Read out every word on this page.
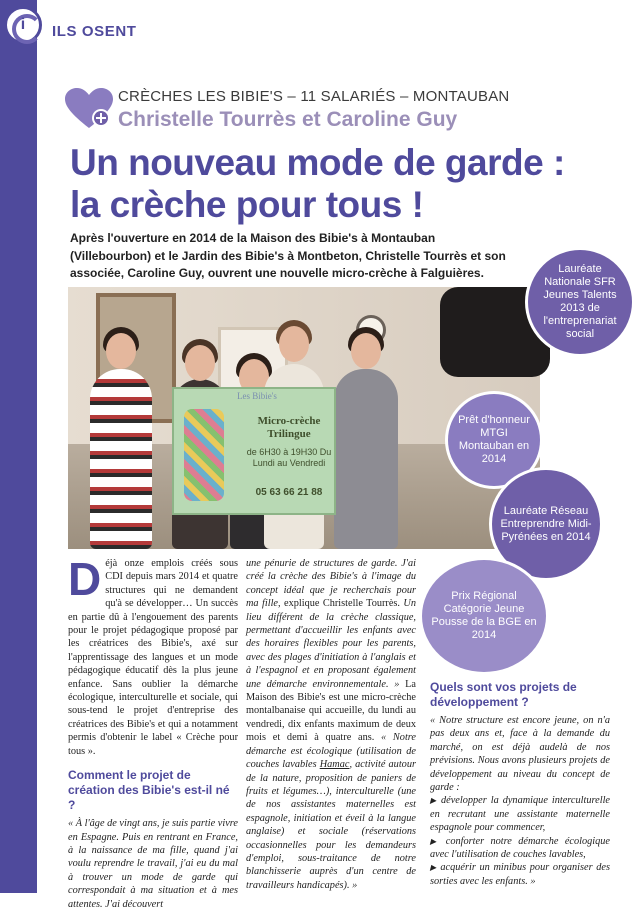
i	ILS OSENT
CRÈCHES LES BIBIE'S – 11 SALARIÉS – MONTAUBAN
Christelle Tourrès et Caroline Guy
Un nouveau mode de garde :
la crèche pour tous !
Après l'ouverture en 2014 de la Maison des Bibie's à Montauban (Villebourbon) et le Jardin des Bibie's à Montbeton, Christelle Tourrès et son associée, Caroline Guy, ouvrent une nouvelle micro-crèche à Falguières.
Les Bibie's
Micro-crèche Trilingue
de 6H30 à 19H30 Du Lundi au Vendredi
05 63 66 21 88
Lauréate Nationale SFR Jeunes Talents 2013 de l'entreprenariat social
Prêt d'honneur MTGI Montauban en 2014
Lauréate Réseau Entreprendre Midi-Pyrénées en 2014
Prix Régional Catégorie Jeune Pousse de la BGE en 2014
Déjà onze emplois créés sous CDI depuis mars 2014 et quatre structures qui ne demandent qu'à se développer… Un succès en partie dû à l'engouement des parents pour le projet pédagogique proposé par les créatrices des Bibie's, axé sur l'apprentissage des langues et un mode pédagogique éducatif dès la plus jeune enfance. Sans oublier la démarche écologique, interculturelle et sociale, qui sous-tend le projet d'entreprise des créatrices des Bibie's et qui a notamment permis d'obtenir le label « Crèche pour tous ».
Comment le projet de création des Bibie's est-il né ?
« À l'âge de vingt ans, je suis partie vivre en Espagne. Puis en rentrant en France, à la naissance de ma fille, quand j'ai voulu reprendre le travail, j'ai eu du mal à trouver un mode de garde qui correspondait à ma situation et à mes attentes. J'ai découvert
une pénurie de structures de garde. J'ai créé la crèche des Bibie's à l'image du concept idéal que je recherchais pour ma fille, explique Christelle Tourrès. Un lieu différent de la crèche classique, permettant d'accueillir les enfants avec des horaires flexibles pour les parents, avec des plages d'initiation à l'anglais et à l'espagnol et en proposant également une démarche environnementale. » La Maison des Bibie's est une micro-crèche montalbanaise qui accueille, du lundi au vendredi, dix enfants maximum de deux mois et demi à quatre ans. « Notre démarche est écologique (utilisation de couches lavables Hamac, activité autour de la nature, proposition de paniers de fruits et légumes…), interculturelle (une de nos assistantes maternelles est espagnole, initiation et éveil à la langue anglaise) et sociale (réservations occasionnelles pour les demandeurs d'emploi, sous-traitance de notre blanchisserie auprès d'un centre de travailleurs handicapés). »
Quels sont vos projets de développement ?
« Notre structure est encore jeune, on n'a pas deux ans et, face à la demande du marché, on est déjà audelà de nos prévisions. Nous avons plusieurs projets de développement au niveau du concept de garde :
▶ développer la dynamique interculturelle en recrutant une assistante maternelle espagnole pour commencer,
▶ conforter notre démarche écologique avec l'utilisation de couches lavables,
▶ acquérir un minibus pour organiser des sorties avec les enfants. »
